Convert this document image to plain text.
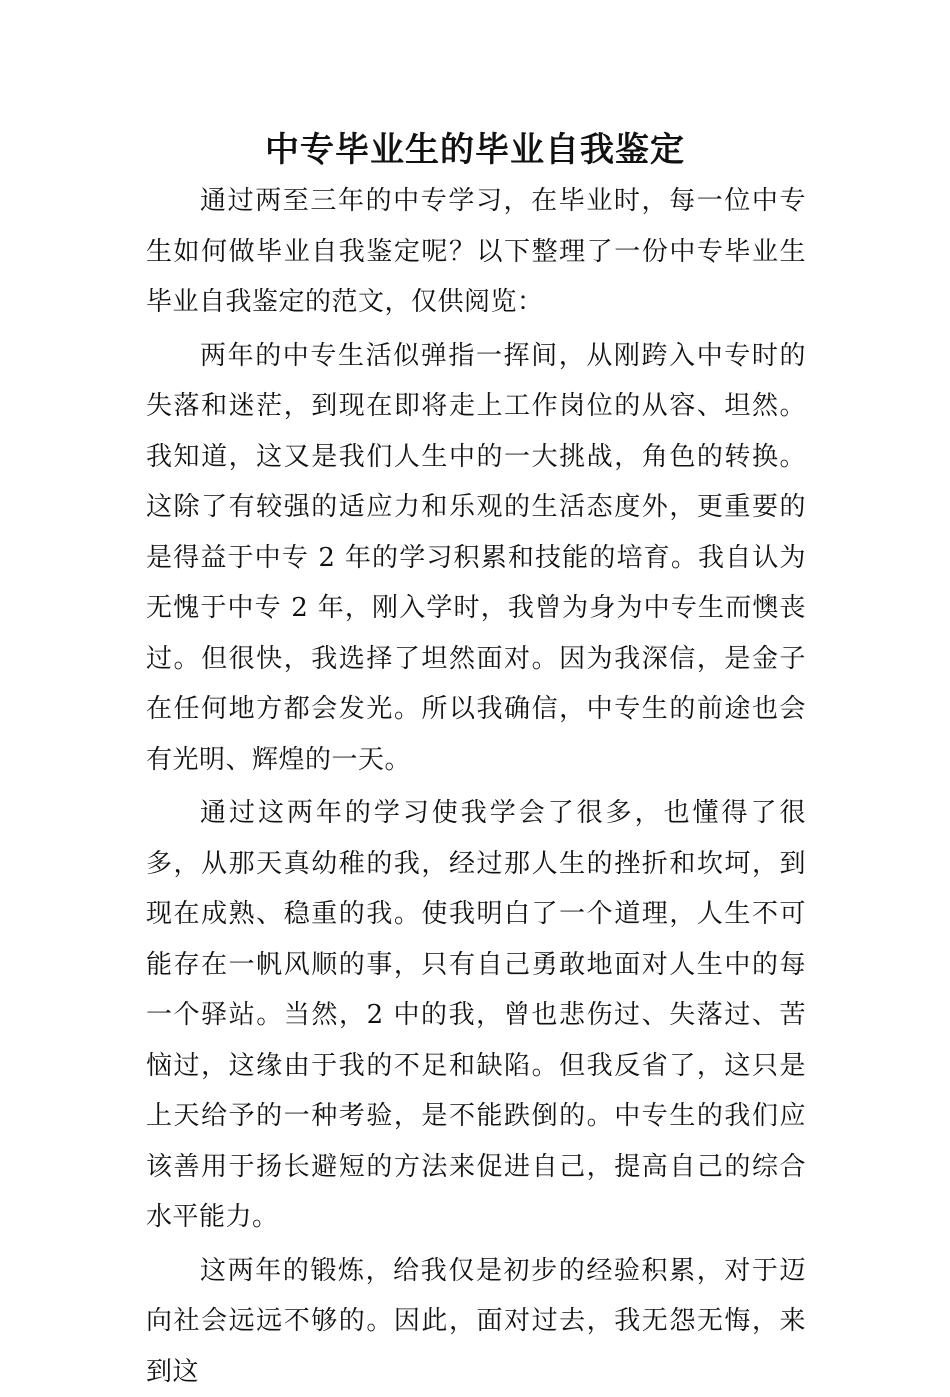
中专毕业生的毕业自我鉴定

通过两至三年的中专学习，在毕业时，每一位中专生如何做毕业自我鉴定呢？以下整理了一份中专毕业生毕业自我鉴定的范文，仅供阅览：

两年的中专生活似弹指一挥间，从刚跨入中专时的失落和迷茫，到现在即将走上工作岗位的从容、坦然。我知道，这又是我们人生中的一大挑战，角色的转换。这除了有较强的适应力和乐观的生活态度外，更重要的是得益于中专 2 年的学习积累和技能的培育。我自认为无愧于中专 2 年，刚入学时，我曾为身为中专生而懊丧过。但很快，我选择了坦然面对。因为我深信，是金子在任何地方都会发光。所以我确信，中专生的前途也会有光明、辉煌的一天。

通过这两年的学习使我学会了很多，也懂得了很多，从那天真幼稚的我，经过那人生的挫折和坎坷，到现在成熟、稳重的我。使我明白了一个道理，人生不可能存在一帆风顺的事，只有自己勇敢地面对人生中的每一个驿站。当然，2 中的我，曾也悲伤过、失落过、苦恼过，这缘由于我的不足和缺陷。但我反省了，这只是上天给予的一种考验，是不能跌倒的。中专生的我们应该善用于扬长避短的方法来促进自己，提高自己的综合水平能力。

这两年的锻炼，给我仅是初步的经验积累，对于迈向社会远远不够的。因此，面对过去，我无怨无悔，来到这
